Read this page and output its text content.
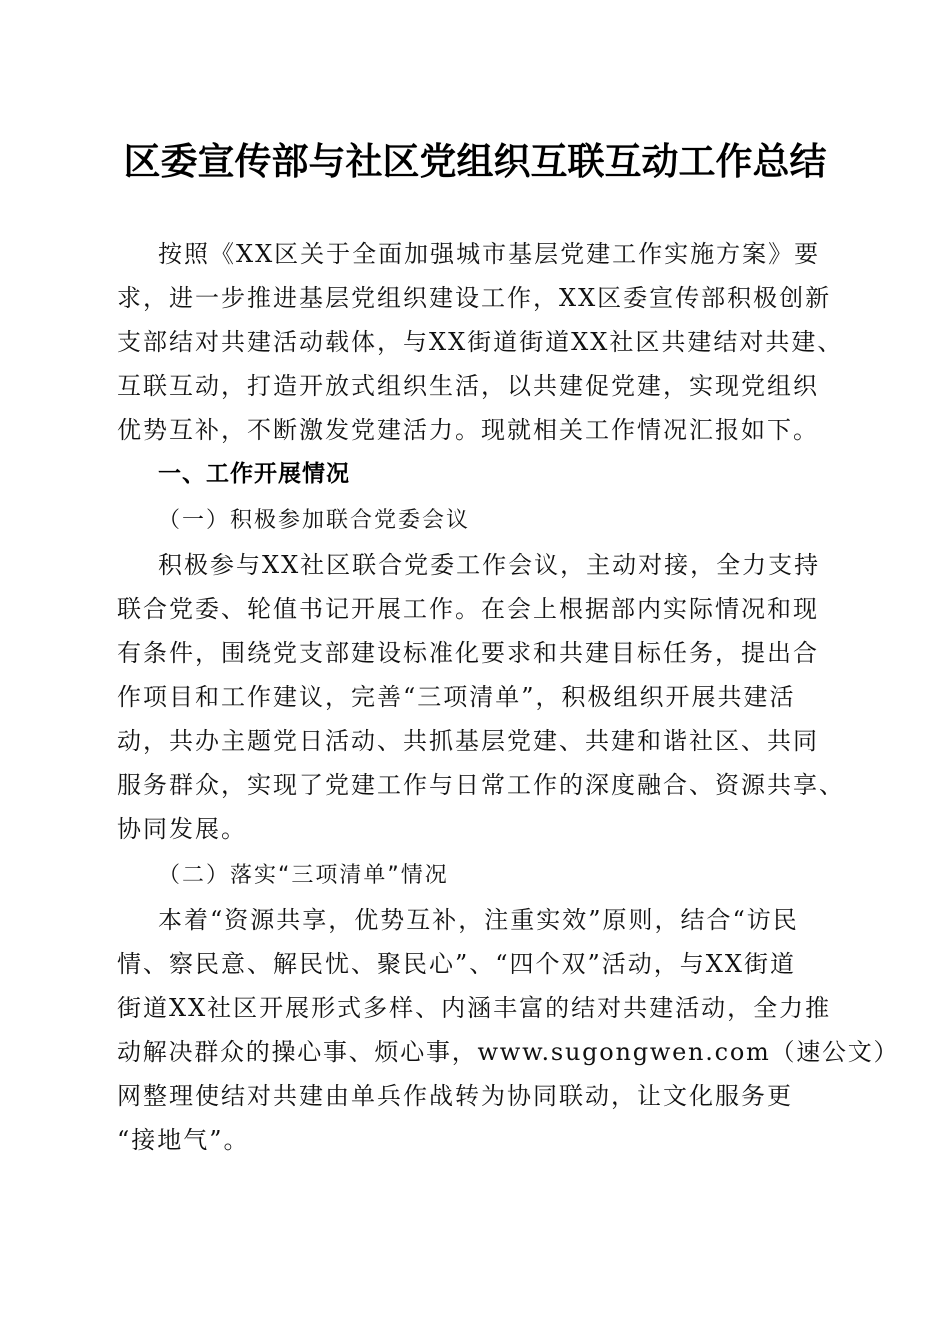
区委宣传部与社区党组织互联互动工作总结
按照《XX区关于全面加强城市基层党建工作实施方案》要
求，进一步推进基层党组织建设工作，XX区委宣传部积极创新
支部结对共建活动载体，与XX街道街道XX社区共建结对共建、
互联互动，打造开放式组织生活，以共建促党建，实现党组织
优势互补，不断激发党建活力。现就相关工作情况汇报如下。
一、工作开展情况
（一）积极参加联合党委会议
积极参与XX社区联合党委工作会议，主动对接，全力支持
联合党委、轮值书记开展工作。在会上根据部内实际情况和现
有条件，围绕党支部建设标准化要求和共建目标任务，提出合
作项目和工作建议，完善“三项清单”，积极组织开展共建活
动，共办主题党日活动、共抓基层党建、共建和谐社区、共同
服务群众，实现了党建工作与日常工作的深度融合、资源共享、
协同发展。
（二）落实“三项清单”情况
本着“资源共享，优势互补，注重实效”原则，结合“访民
情、察民意、解民忧、聚民心”、“四个双”活动，与XX街道
街道XX社区开展形式多样、内涵丰富的结对共建活动，全力推
动解决群众的操心事、烦心事，www.sugongwen.com（速公文）
网整理使结对共建由单兵作战转为协同联动，让文化服务更
“接地气”。
